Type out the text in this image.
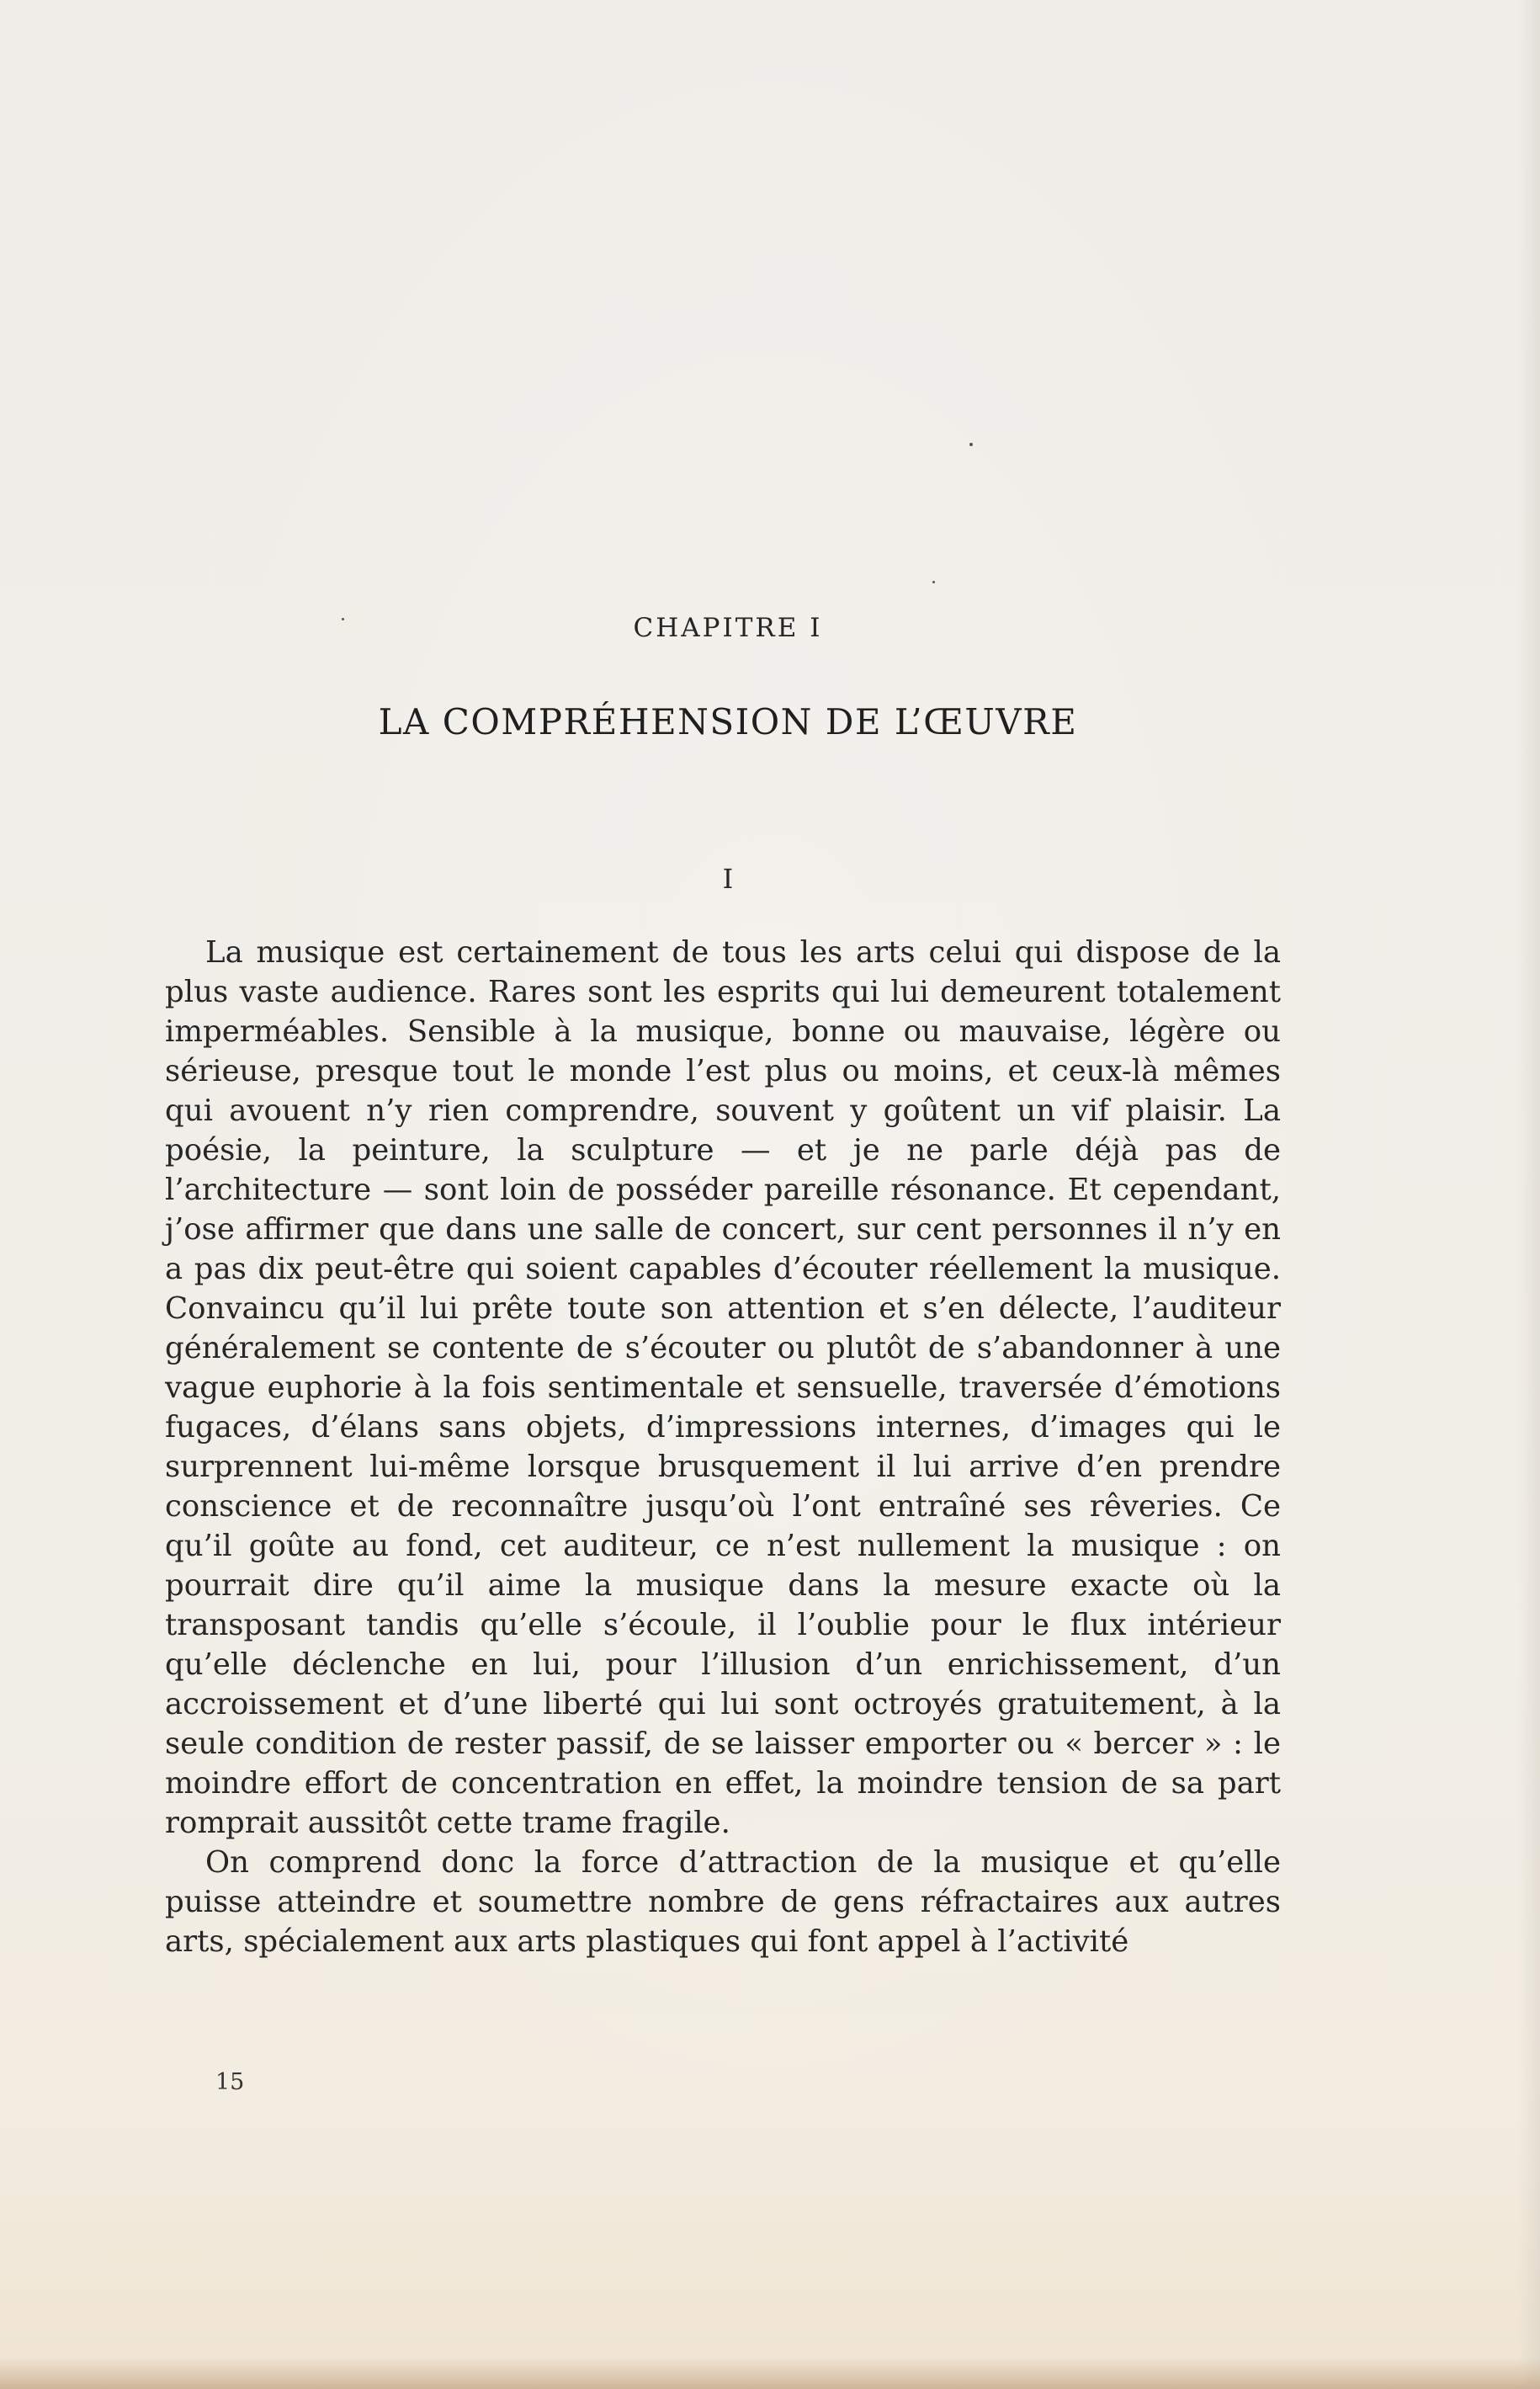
CHAPITRE I
LA COMPRÉHENSION DE L’ŒUVRE
I

La musique est certainement de tous les arts celui qui dispose de la plus vaste audience. Rares sont les esprits qui lui demeurent totalement imperméables. Sensible à la musique, bonne ou mauvaise, légère ou sérieuse, presque tout le monde l’est plus ou moins, et ceux-là mêmes qui avouent n’y rien comprendre, souvent y goûtent un vif plaisir. La poésie, la peinture, la sculpture — et je ne parle déjà pas de l’architecture — sont loin de posséder pareille résonance. Et cependant, j’ose affirmer que dans une salle de concert, sur cent personnes il n’y en a pas dix peut-être qui soient capables d’écouter réellement la musique. Convaincu qu’il lui prête toute son attention et s’en délecte, l’auditeur généralement se contente de s’écouter ou plutôt de s’abandonner à une vague euphorie à la fois sentimentale et sensuelle, traversée d’émotions fugaces, d’élans sans objets, d’impressions internes, d’images qui le surprennent lui-même lorsque brusquement il lui arrive d’en prendre conscience et de reconnaître jusqu’où l’ont entraîné ses rêveries. Ce qu’il goûte au fond, cet auditeur, ce n’est nullement la musique : on pourrait dire qu’il aime la musique dans la mesure exacte où la transposant tandis qu’elle s’écoule, il l’oublie pour le flux intérieur qu’elle déclenche en lui, pour l’illusion d’un enrichissement, d’un accroissement et d’une liberté qui lui sont octroyés gratuitement, à la seule condition de rester passif, de se laisser emporter ou « bercer » : le moindre effort de concentration en effet, la moindre tension de sa part romprait aussitôt cette trame fragile.

On comprend donc la force d’attraction de la musique et qu’elle puisse atteindre et soumettre nombre de gens réfractaires aux autres arts, spécialement aux arts plastiques qui font appel à l’activité

15
